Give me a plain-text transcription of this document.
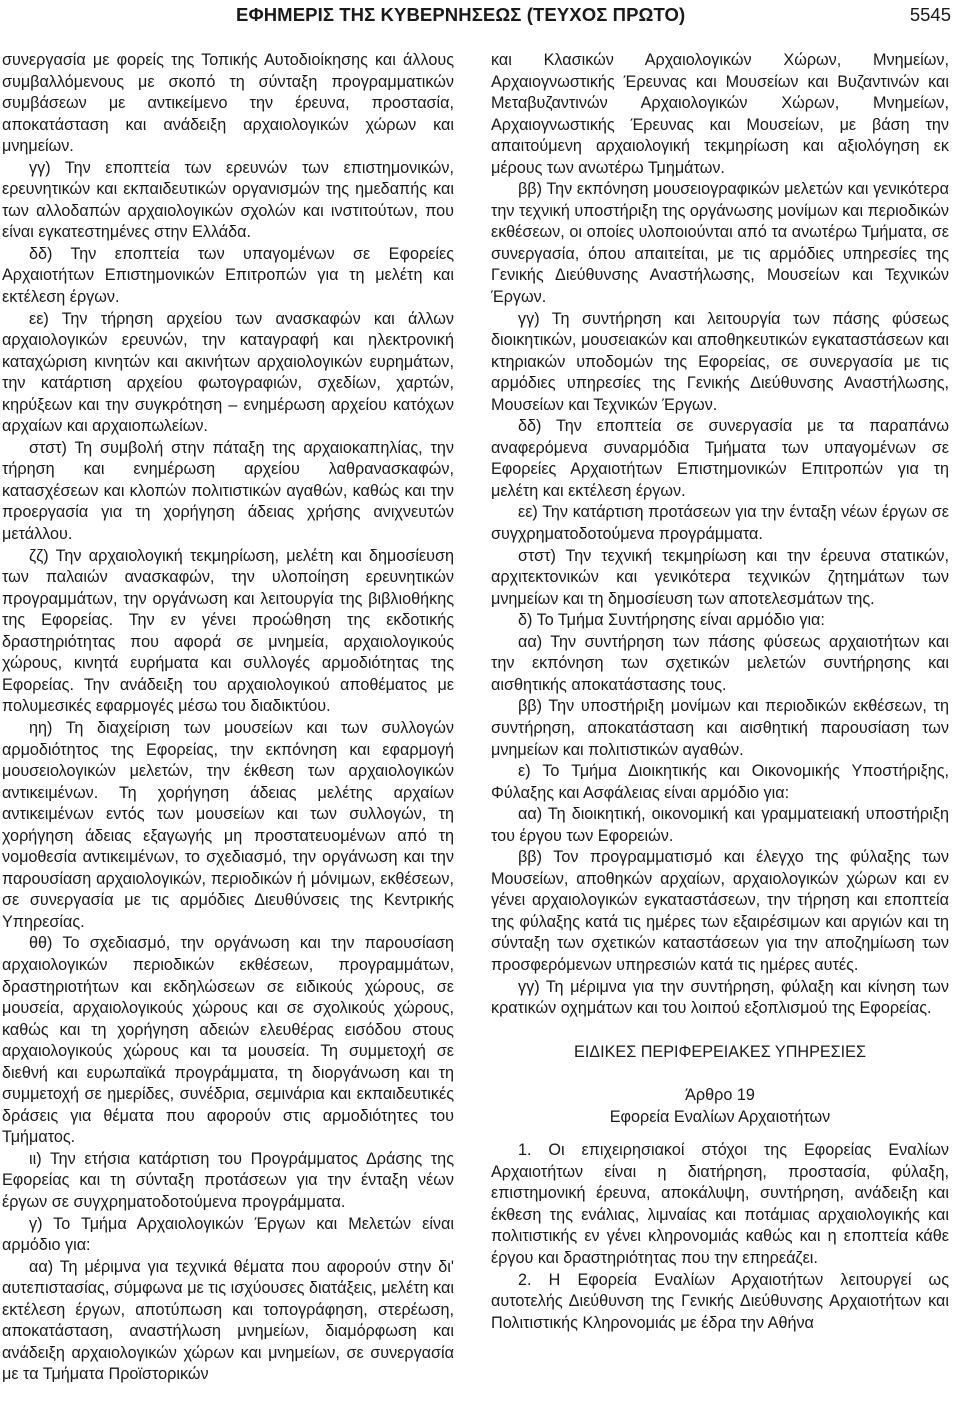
ΕΦΗΜΕΡΙΣ ΤΗΣ ΚΥΒΕΡΝΗΣΕΩΣ (ΤΕΥΧΟΣ ΠΡΩΤΟ)	5545

συνεργασία με φορείς της Τοπικής Αυτοδιοίκησης και άλλους συμβαλλόμενους με σκοπό τη σύνταξη προγραμματικών συμβάσεων με αντικείμενο την έρευνα, προστασία, αποκατάσταση και ανάδειξη αρχαιολογικών χώρων και μνημείων.

γγ) Την εποπτεία των ερευνών των επιστημονικών, ερευνητικών και εκπαιδευτικών οργανισμών της ημεδαπής και των αλλοδαπών αρχαιολογικών σχολών και ινστιτούτων, που είναι εγκατεστημένες στην Ελλάδα.

δδ) Την εποπτεία των υπαγομένων σε Εφορείες Αρχαιοτήτων Επιστημονικών Επιτροπών για τη μελέτη και εκτέλεση έργων.

εε) Την τήρηση αρχείου των ανασκαφών και άλλων αρχαιολογικών ερευνών, την καταγραφή και ηλεκτρονική καταχώριση κινητών και ακινήτων αρχαιολογικών ευρημάτων, την κατάρτιση αρχείου φωτογραφιών, σχεδίων, χαρτών, κηρύξεων και την συγκρότηση – ενημέρωση αρχείου κατόχων αρχαίων και αρχαιοπωλείων.

στστ) Τη συμβολή στην πάταξη της αρχαιοκαπηλίας, την τήρηση και ενημέρωση αρχείου λαθρανασκαφών, κατασχέσεων και κλοπών πολιτιστικών αγαθών, καθώς και την προεργασία για τη χορήγηση άδειας χρήσης ανιχνευτών μετάλλου.

ζζ) Την αρχαιολογική τεκμηρίωση, μελέτη και δημοσίευση των παλαιών ανασκαφών, την υλοποίηση ερευνητικών προγραμμάτων, την οργάνωση και λειτουργία της βιβλιοθήκης της Εφορείας. Την εν γένει προώθηση της εκδοτικής δραστηριότητας που αφορά σε μνημεία, αρχαιολογικούς χώρους, κινητά ευρήματα και συλλογές αρμοδιότητας της Εφορείας. Την ανάδειξη του αρχαιολογικού αποθέματος με πολυμεσικές εφαρμογές μέσω του διαδικτύου.

ηη) Τη διαχείριση των μουσείων και των συλλογών αρμοδιότητος της Εφορείας, την εκπόνηση και εφαρμογή μουσειολογικών μελετών, την έκθεση των αρχαιολογικών αντικειμένων. Τη χορήγηση άδειας μελέτης αρχαίων αντικειμένων εντός των μουσείων και των συλλογών, τη χορήγηση άδειας εξαγωγής μη προστατευομένων από τη νομοθεσία αντικειμένων, το σχεδιασμό, την οργάνωση και την παρουσίαση αρχαιολογικών, περιοδικών ή μόνιμων, εκθέσεων, σε συνεργασία με τις αρμόδιες Διευθύνσεις της Κεντρικής Υπηρεσίας.

θθ) Το σχεδιασμό, την οργάνωση και την παρουσίαση αρχαιολογικών περιοδικών εκθέσεων, προγραμμάτων, δραστηριοτήτων και εκδηλώσεων σε ειδικούς χώρους, σε μουσεία, αρχαιολογικούς χώρους και σε σχολικούς χώρους, καθώς και τη χορήγηση αδειών ελευθέρας εισόδου στους αρχαιολογικούς χώρους και τα μουσεία. Τη συμμετοχή σε διεθνή και ευρωπαϊκά προγράμματα, τη διοργάνωση και τη συμμετοχή σε ημερίδες, συνέδρια, σεμινάρια και εκπαιδευτικές δράσεις για θέματα που αφορούν στις αρμοδιότητες του Τμήματος.

ιι) Την ετήσια κατάρτιση του Προγράμματος Δράσης της Εφορείας και τη σύνταξη προτάσεων για την ένταξη νέων έργων σε συγχρηματοδοτούμενα προγράμματα.

γ) Το Τμήμα Αρχαιολογικών Έργων και Μελετών είναι αρμόδιο για:

αα) Τη μέριμνα για τεχνικά θέματα που αφορούν στην δι' αυτεπιστασίας, σύμφωνα με τις ισχύουσες διατάξεις, μελέτη και εκτέλεση έργων, αποτύπωση και τοπογράφηση, στερέωση, αποκατάσταση, αναστήλωση μνημείων, διαμόρφωση και ανάδειξη αρχαιολογικών χώρων και μνημείων, σε συνεργασία με τα Τμήματα Προϊστορικών

και Κλασικών Αρχαιολογικών Χώρων, Μνημείων, Αρχαιογνωστικής Έρευνας και Μουσείων και Βυζαντινών και Μεταβυζαντινών Αρχαιολογικών Χώρων, Μνημείων, Αρχαιογνωστικής Έρευνας και Μουσείων, με βάση την απαιτούμενη αρχαιολογική τεκμηρίωση και αξιολόγηση εκ μέρους των ανωτέρω Τμημάτων.

ββ) Την εκπόνηση μουσειογραφικών μελετών και γενικότερα την τεχνική υποστήριξη της οργάνωσης μονίμων και περιοδικών εκθέσεων, οι οποίες υλοποιούνται από τα ανωτέρω Τμήματα, σε συνεργασία, όπου απαιτείται, με τις αρμόδιες υπηρεσίες της Γενικής Διεύθυνσης Αναστήλωσης, Μουσείων και Τεχνικών Έργων.

γγ) Τη συντήρηση και λειτουργία των πάσης φύσεως διοικητικών, μουσειακών και αποθηκευτικών εγκαταστάσεων και κτηριακών υποδομών της Εφορείας, σε συνεργασία με τις αρμόδιες υπηρεσίες της Γενικής Διεύθυνσης Αναστήλωσης, Μουσείων και Τεχνικών Έργων.

δδ) Την εποπτεία σε συνεργασία με τα παραπάνω αναφερόμενα συναρμόδια Τμήματα των υπαγομένων σε Εφορείες Αρχαιοτήτων Επιστημονικών Επιτροπών για τη μελέτη και εκτέλεση έργων.

εε) Την κατάρτιση προτάσεων για την ένταξη νέων έργων σε συγχρηματοδοτούμενα προγράμματα.

στστ) Την τεχνική τεκμηρίωση και την έρευνα στατικών, αρχιτεκτονικών και γενικότερα τεχνικών ζητημάτων των μνημείων και τη δημοσίευση των αποτελεσμάτων της.

δ) Το Τμήμα Συντήρησης είναι αρμόδιο για:

αα) Την συντήρηση των πάσης φύσεως αρχαιοτήτων και την εκπόνηση των σχετικών μελετών συντήρησης και αισθητικής αποκατάστασης τους.

ββ) Την υποστήριξη μονίμων και περιοδικών εκθέσεων, τη συντήρηση, αποκατάσταση και αισθητική παρουσίαση των μνημείων και πολιτιστικών αγαθών.

ε) Το Τμήμα Διοικητικής και Οικονομικής Υποστήριξης, Φύλαξης και Ασφάλειας είναι αρμόδιο για:

αα) Τη διοικητική, οικονομική και γραμματειακή υποστήριξη του έργου των Εφορειών.

ββ) Τον προγραμματισμό και έλεγχο της φύλαξης των Μουσείων, αποθηκών αρχαίων, αρχαιολογικών χώρων και εν γένει αρχαιολογικών εγκαταστάσεων, την τήρηση και εποπτεία της φύλαξης κατά τις ημέρες των εξαιρέσιμων και αργιών και τη σύνταξη των σχετικών καταστάσεων για την αποζημίωση των προσφερόμενων υπηρεσιών κατά τις ημέρες αυτές.

γγ) Τη μέριμνα για την συντήρηση, φύλαξη και κίνηση των κρατικών οχημάτων και του λοιπού εξοπλισμού της Εφορείας.

ΕΙΔΙΚΕΣ ΠΕΡΙΦΕΡΕΙΑΚΕΣ ΥΠΗΡΕΣΙΕΣ

Άρθρο 19

Εφορεία Εναλίων Αρχαιοτήτων

1. Οι επιχειρησιακοί στόχοι της Εφορείας Εναλίων Αρχαιοτήτων είναι η διατήρηση, προστασία, φύλαξη, επιστημονική έρευνα, αποκάλυψη, συντήρηση, ανάδειξη και έκθεση της ενάλιας, λιμναίας και ποτάμιας αρχαιολογικής και πολιτιστικής εν γένει κληρονομιάς καθώς και η εποπτεία κάθε έργου και δραστηριότητας που την επηρεάζει.

2. Η Εφορεία Εναλίων Αρχαιοτήτων λειτουργεί ως αυτοτελής Διεύθυνση της Γενικής Διεύθυνσης Αρχαιοτήτων και Πολιτιστικής Κληρονομιάς με έδρα την Αθήνα
